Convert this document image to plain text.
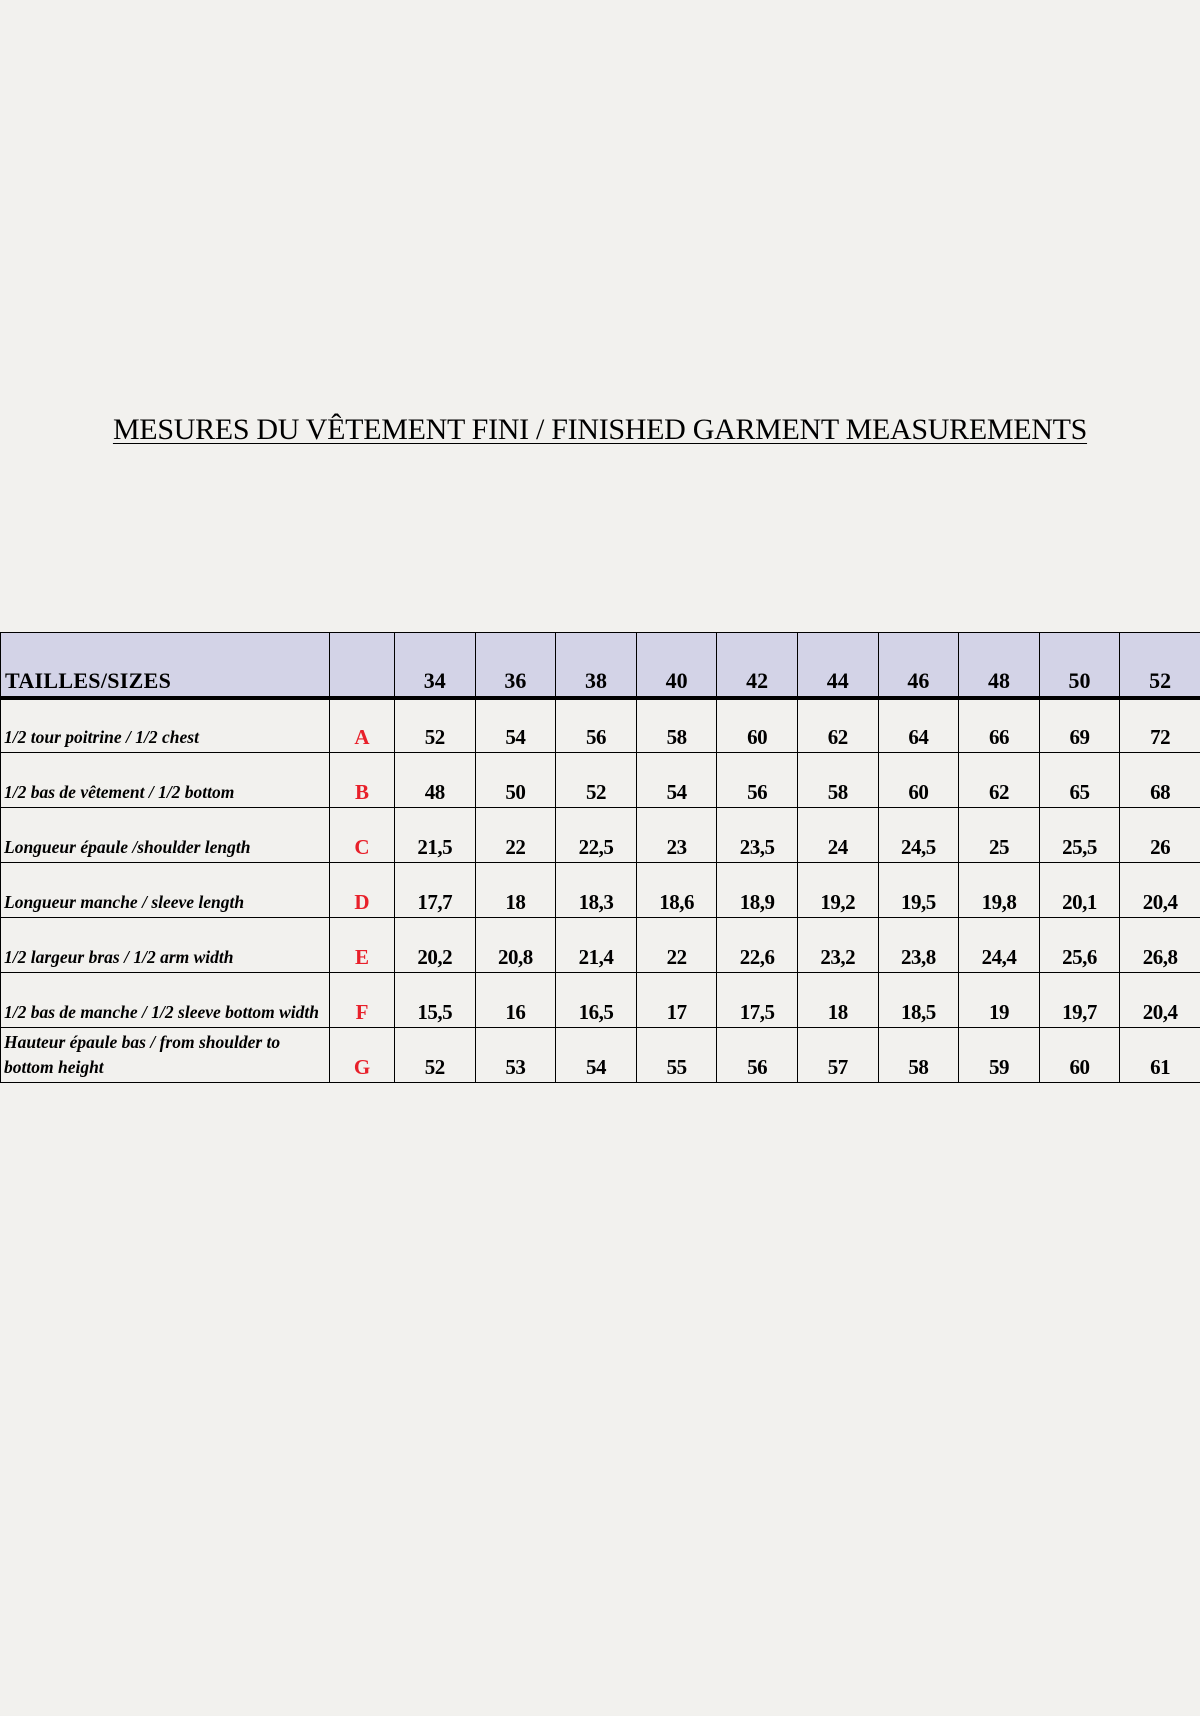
MESURES DU VÊTEMENT FINI / FINISHED GARMENT MEASUREMENTS
TAILLES/SIZES		34	36	38	40	42	44	46	48	50	52
1/2 tour poitrine / 1/2 chest	A	52	54	56	58	60	62	64	66	69	72
1/2 bas de vêtement / 1/2 bottom	B	48	50	52	54	56	58	60	62	65	68
Longueur épaule /shoulder length	C	21,5	22	22,5	23	23,5	24	24,5	25	25,5	26
Longueur manche / sleeve length	D	17,7	18	18,3	18,6	18,9	19,2	19,5	19,8	20,1	20,4
1/2 largeur bras / 1/2 arm width	E	20,2	20,8	21,4	22	22,6	23,2	23,8	24,4	25,6	26,8
1/2 bas de manche / 1/2 sleeve bottom width	F	15,5	16	16,5	17	17,5	18	18,5	19	19,7	20,4
Hauteur épaule bas / from shoulder to bottom height	G	52	53	54	55	56	57	58	59	60	61
